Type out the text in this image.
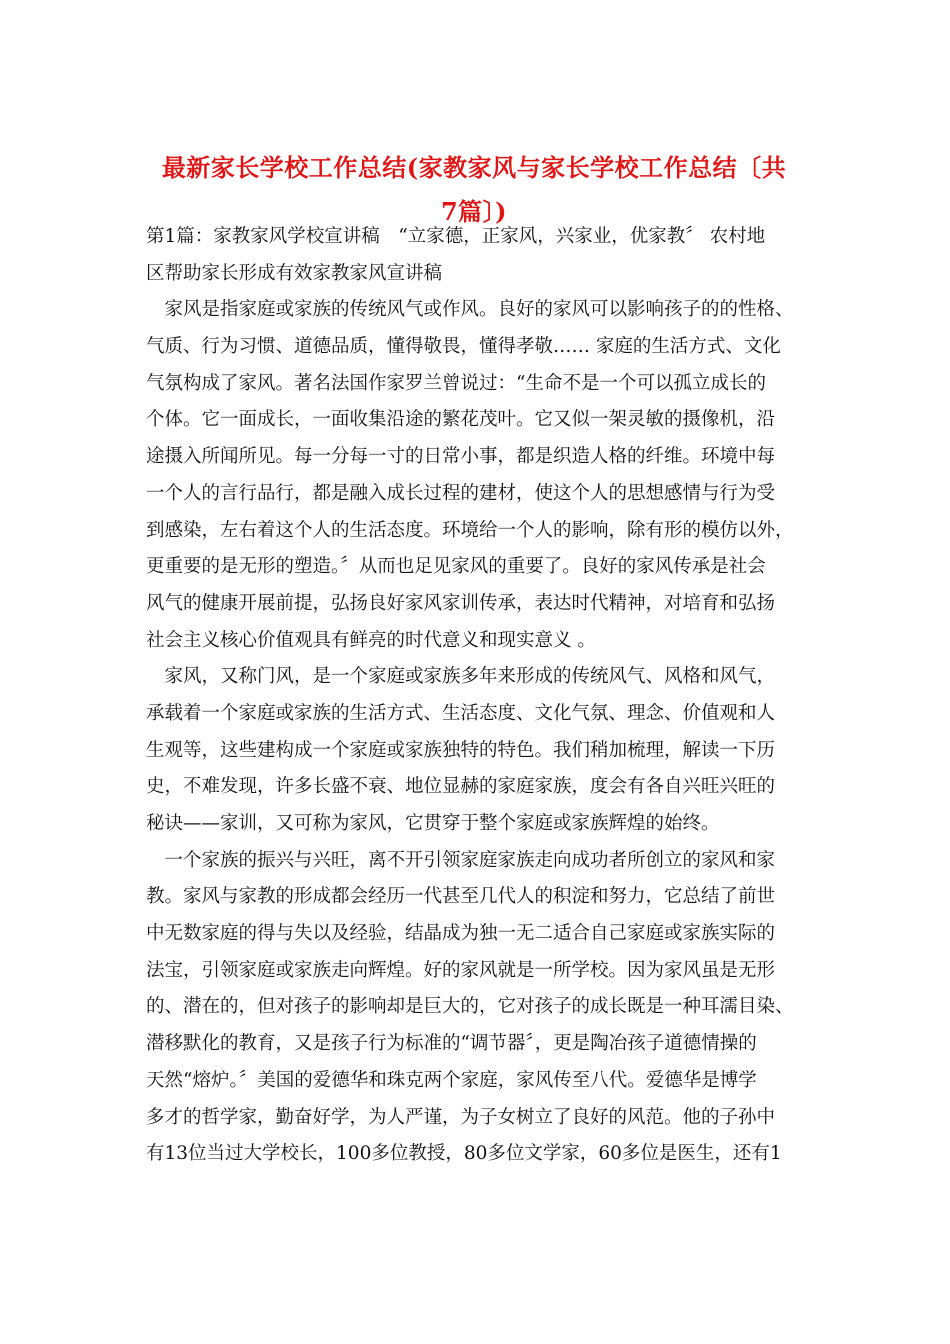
最新家长学校工作总结(家教家风与家长学校工作总结〔共
7篇〕)
第1篇：家教家风学校宣讲稿　“立家德，正家风，兴家业，优家教〞 农村地
区帮助家长形成有效家教家风宣讲稿
　家风是指家庭或家族的传统风气或作风。良好的家风可以影响孩子的的性格、
气质、行为习惯、道德品质，懂得敬畏，懂得孝敬…… 家庭的生活方式、文化
气氛构成了家风。著名法国作家罗兰曾说过：“生命不是一个可以孤立成长的
个体。它一面成长，一面收集沿途的繁花茂叶。它又似一架灵敏的摄像机，沿
途摄入所闻所见。每一分每一寸的日常小事，都是织造人格的纤维。环境中每
一个人的言行品行，都是融入成长过程的建材，使这个人的思想感情与行为受
到感染，左右着这个人的生活态度。环境给一个人的影响，除有形的模仿以外，
更重要的是无形的塑造。〞从而也足见家风的重要了。良好的家风传承是社会
风气的健康开展前提，弘扬良好家风家训传承，表达时代精神，对培育和弘扬
社会主义核心价值观具有鲜亮的时代意义和现实意义 。
　家风，又称门风，是一个家庭或家族多年来形成的传统风气、风格和风气，
承载着一个家庭或家族的生活方式、生活态度、文化气氛、理念、价值观和人
生观等，这些建构成一个家庭或家族独特的特色。我们稍加梳理，解读一下历
史，不难发现，许多长盛不衰、地位显赫的家庭家族，度会有各自兴旺兴旺的
秘诀——家训，又可称为家风，它贯穿于整个家庭或家族辉煌的始终。
　一个家族的振兴与兴旺，离不开引领家庭家族走向成功者所创立的家风和家
教。家风与家教的形成都会经历一代甚至几代人的积淀和努力，它总结了前世
中无数家庭的得与失以及经验，结晶成为独一无二适合自己家庭或家族实际的
法宝，引领家庭或家族走向辉煌。好的家风就是一所学校。因为家风虽是无形
的、潜在的，但对孩子的影响却是巨大的，它对孩子的成长既是一种耳濡目染、
潜移默化的教育，又是孩子行为标准的“调节器〞，更是陶冶孩子道德情操的
天然“熔炉。〞美国的爱德华和珠克两个家庭，家风传至八代。爱德华是博学
多才的哲学家，勤奋好学，为人严谨，为子女树立了良好的风范。他的子孙中
有13位当过大学校长，100多位教授，80多位文学家，60多位是医生，还有1
